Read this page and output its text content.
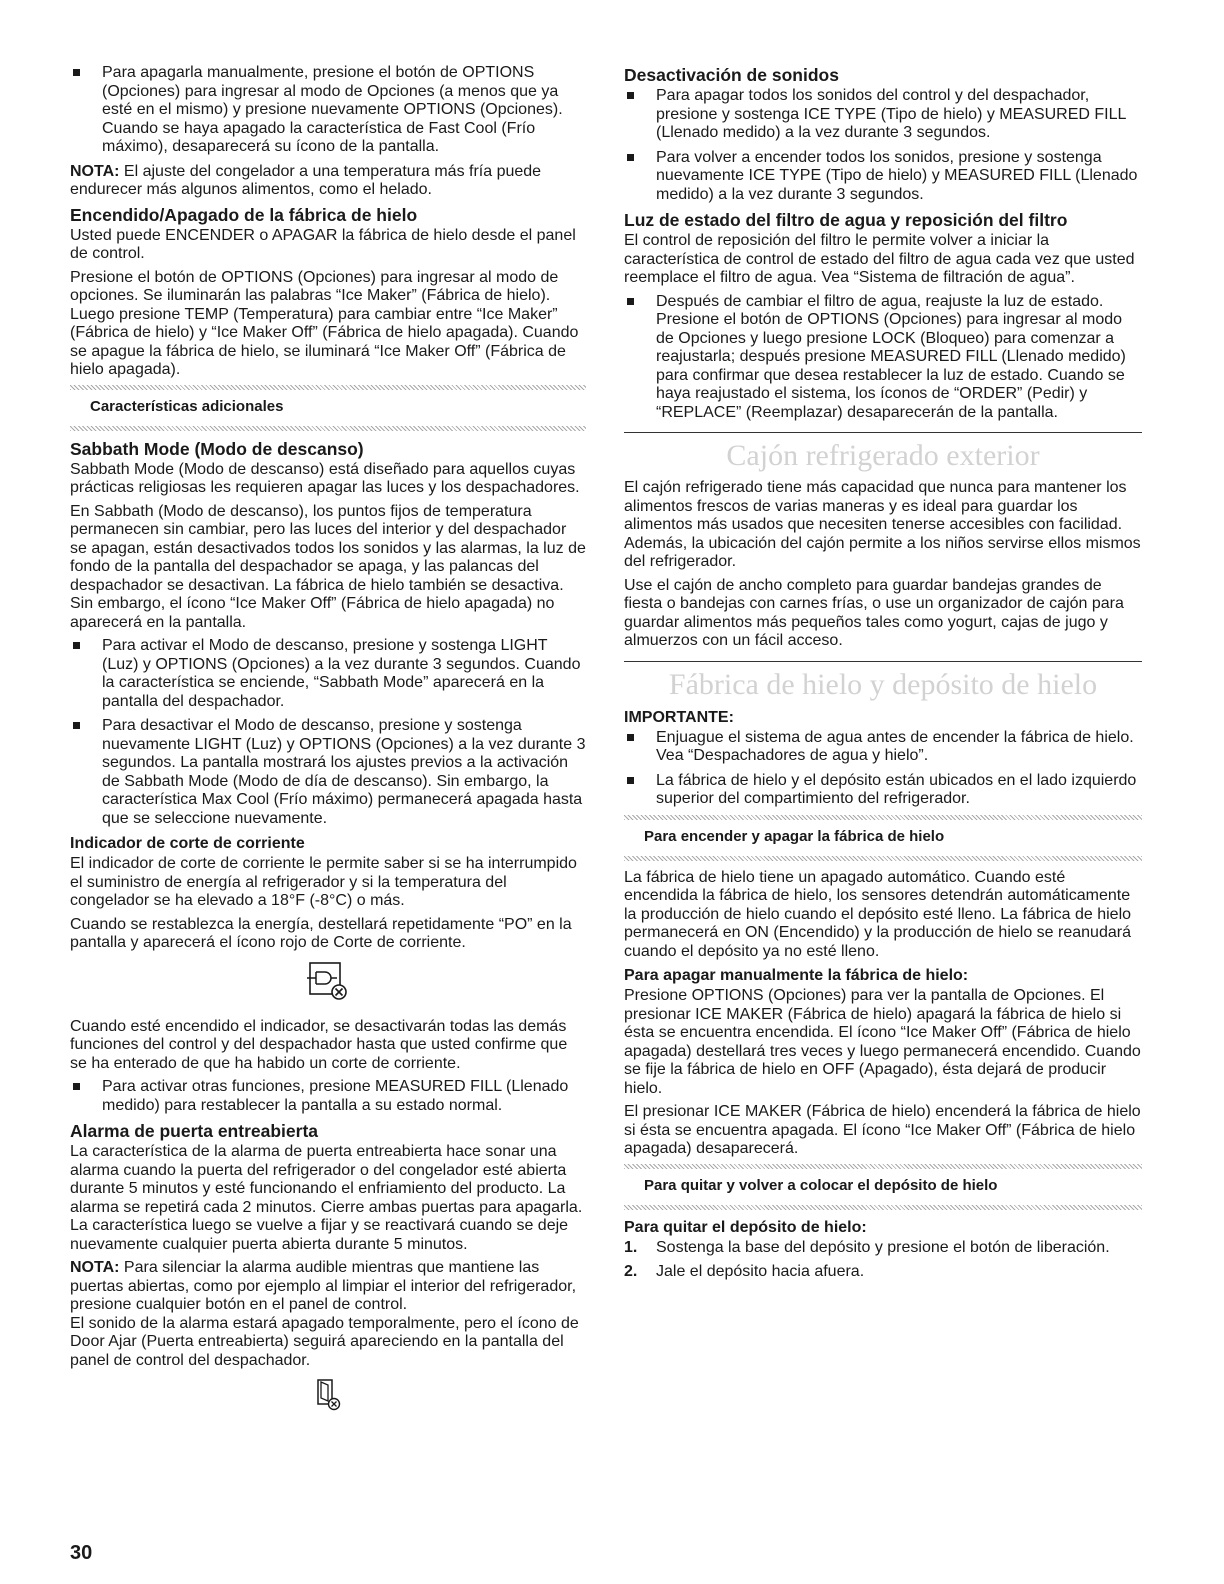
Para apagarla manualmente, presione el botón de OPTIONS (Opciones) para ingresar al modo de Opciones (a menos que ya esté en el mismo) y presione nuevamente OPTIONS (Opciones). Cuando se haya apagado la característica de Fast Cool (Frío máximo), desaparecerá su ícono de la pantalla.

NOTA: El ajuste del congelador a una temperatura más fría puede endurecer más algunos alimentos, como el helado.

Encendido/Apagado de la fábrica de hielo

Usted puede ENCENDER o APAGAR la fábrica de hielo desde el panel de control.

Presione el botón de OPTIONS (Opciones) para ingresar al modo de opciones. Se iluminarán las palabras “Ice Maker” (Fábrica de hielo). Luego presione TEMP (Temperatura) para cambiar entre “Ice Maker” (Fábrica de hielo) y “Ice Maker Off” (Fábrica de hielo apagada). Cuando se apague la fábrica de hielo, se iluminará “Ice Maker Off” (Fábrica de hielo apagada).

Características adicionales
Sabbath Mode (Modo de descanso)

Sabbath Mode (Modo de descanso) está diseñado para aquellos cuyas prácticas religiosas les requieren apagar las luces y los despachadores.

En Sabbath (Modo de descanso), los puntos fijos de temperatura permanecen sin cambiar, pero las luces del interior y del despachador se apagan, están desactivados todos los sonidos y las alarmas, la luz de fondo de la pantalla del despachador se apaga, y las palancas del despachador se desactivan. La fábrica de hielo también se desactiva. Sin embargo, el ícono “Ice Maker Off” (Fábrica de hielo apagada) no aparecerá en la pantalla.

Para activar el Modo de descanso, presione y sostenga LIGHT (Luz) y OPTIONS (Opciones) a la vez durante 3 segundos. Cuando la característica se enciende, “Sabbath Mode” aparecerá en la pantalla del despachador.
Para desactivar el Modo de descanso, presione y sostenga nuevamente LIGHT (Luz) y OPTIONS (Opciones) a la vez durante 3 segundos. La pantalla mostrará los ajustes previos a la activación de Sabbath Mode (Modo de día de descanso). Sin embargo, la característica Max Cool (Frío máximo) permanecerá apagada hasta que se seleccione nuevamente.
Indicador de corte de corriente

El indicador de corte de corriente le permite saber si se ha interrumpido el suministro de energía al refrigerador y si la temperatura del congelador se ha elevado a 18°F (-8°C) o más.

Cuando se restablezca la energía, destellará repetidamente “PO” en la pantalla y aparecerá el ícono rojo de Corte de corriente.

Cuando esté encendido el indicador, se desactivarán todas las demás funciones del control y del despachador hasta que usted confirme que se ha enterado de que ha habido un corte de corriente.

Para activar otras funciones, presione MEASURED FILL (Llenado medido) para restablecer la pantalla a su estado normal.
Alarma de puerta entreabierta

La característica de la alarma de puerta entreabierta hace sonar una alarma cuando la puerta del refrigerador o del congelador esté abierta durante 5 minutos y esté funcionando el enfriamiento del producto. La alarma se repetirá cada 2 minutos. Cierre ambas puertas para apagarla. La característica luego se vuelve a fijar y se reactivará cuando se deje nuevamente cualquier puerta abierta durante 5 minutos.

NOTA: Para silenciar la alarma audible mientras que mantiene las puertas abiertas, como por ejemplo al limpiar el interior del refrigerador, presione cualquier botón en el panel de control.

El sonido de la alarma estará apagado temporalmente, pero el ícono de Door Ajar (Puerta entreabierta) seguirá apareciendo en la pantalla del panel de control del despachador.

Desactivación de sonidos
Para apagar todos los sonidos del control y del despachador, presione y sostenga ICE TYPE (Tipo de hielo) y MEASURED FILL (Llenado medido) a la vez durante 3 segundos.
Para volver a encender todos los sonidos, presione y sostenga nuevamente ICE TYPE (Tipo de hielo) y MEASURED FILL (Llenado medido) a la vez durante 3 segundos.
Luz de estado del filtro de agua y reposición del filtro

El control de reposición del filtro le permite volver a iniciar la característica de control de estado del filtro de agua cada vez que usted reemplace el filtro de agua. Vea “Sistema de filtración de agua”.

Después de cambiar el filtro de agua, reajuste la luz de estado. Presione el botón de OPTIONS (Opciones) para ingresar al modo de Opciones y luego presione LOCK (Bloqueo) para comenzar a reajustarla; después presione MEASURED FILL (Llenado medido) para confirmar que desea restablecer la luz de estado. Cuando se haya reajustado el sistema, los íconos de “ORDER” (Pedir) y “REPLACE” (Reemplazar) desaparecerán de la pantalla.
Cajón refrigerado exterior

El cajón refrigerado tiene más capacidad que nunca para mantener los alimentos frescos de varias maneras y es ideal para guardar los alimentos más usados que necesiten tenerse accesibles con facilidad. Además, la ubicación del cajón permite a los niños servirse ellos mismos del refrigerador.

Use el cajón de ancho completo para guardar bandejas grandes de fiesta o bandejas con carnes frías, o use un organizador de cajón para guardar alimentos más pequeños tales como yogurt, cajas de jugo y almuerzos con un fácil acceso.

Fábrica de hielo y depósito de hielo
IMPORTANTE:
Enjuague el sistema de agua antes de encender la fábrica de hielo. Vea “Despachadores de agua y hielo”.
La fábrica de hielo y el depósito están ubicados en el lado izquierdo superior del compartimiento del refrigerador.
Para encender y apagar la fábrica de hielo

La fábrica de hielo tiene un apagado automático. Cuando esté encendida la fábrica de hielo, los sensores detendrán automáticamente la producción de hielo cuando el depósito esté lleno. La fábrica de hielo permanecerá en ON (Encendido) y la producción de hielo se reanudará cuando el depósito ya no esté lleno.

Para apagar manualmente la fábrica de hielo:

Presione OPTIONS (Opciones) para ver la pantalla de Opciones. El presionar ICE MAKER (Fábrica de hielo) apagará la fábrica de hielo si ésta se encuentra encendida. El ícono “Ice Maker Off” (Fábrica de hielo apagada) destellará tres veces y luego permanecerá encendido. Cuando se fije la fábrica de hielo en OFF (Apagado), ésta dejará de producir hielo.

El presionar ICE MAKER (Fábrica de hielo) encenderá la fábrica de hielo si ésta se encuentra apagada. El ícono “Ice Maker Off” (Fábrica de hielo apagada) desaparecerá.

Para quitar y volver a colocar el depósito de hielo
Para quitar el depósito de hielo:
1. Sostenga la base del depósito y presione el botón de liberación.
2. Jale el depósito hacia afuera.
30
